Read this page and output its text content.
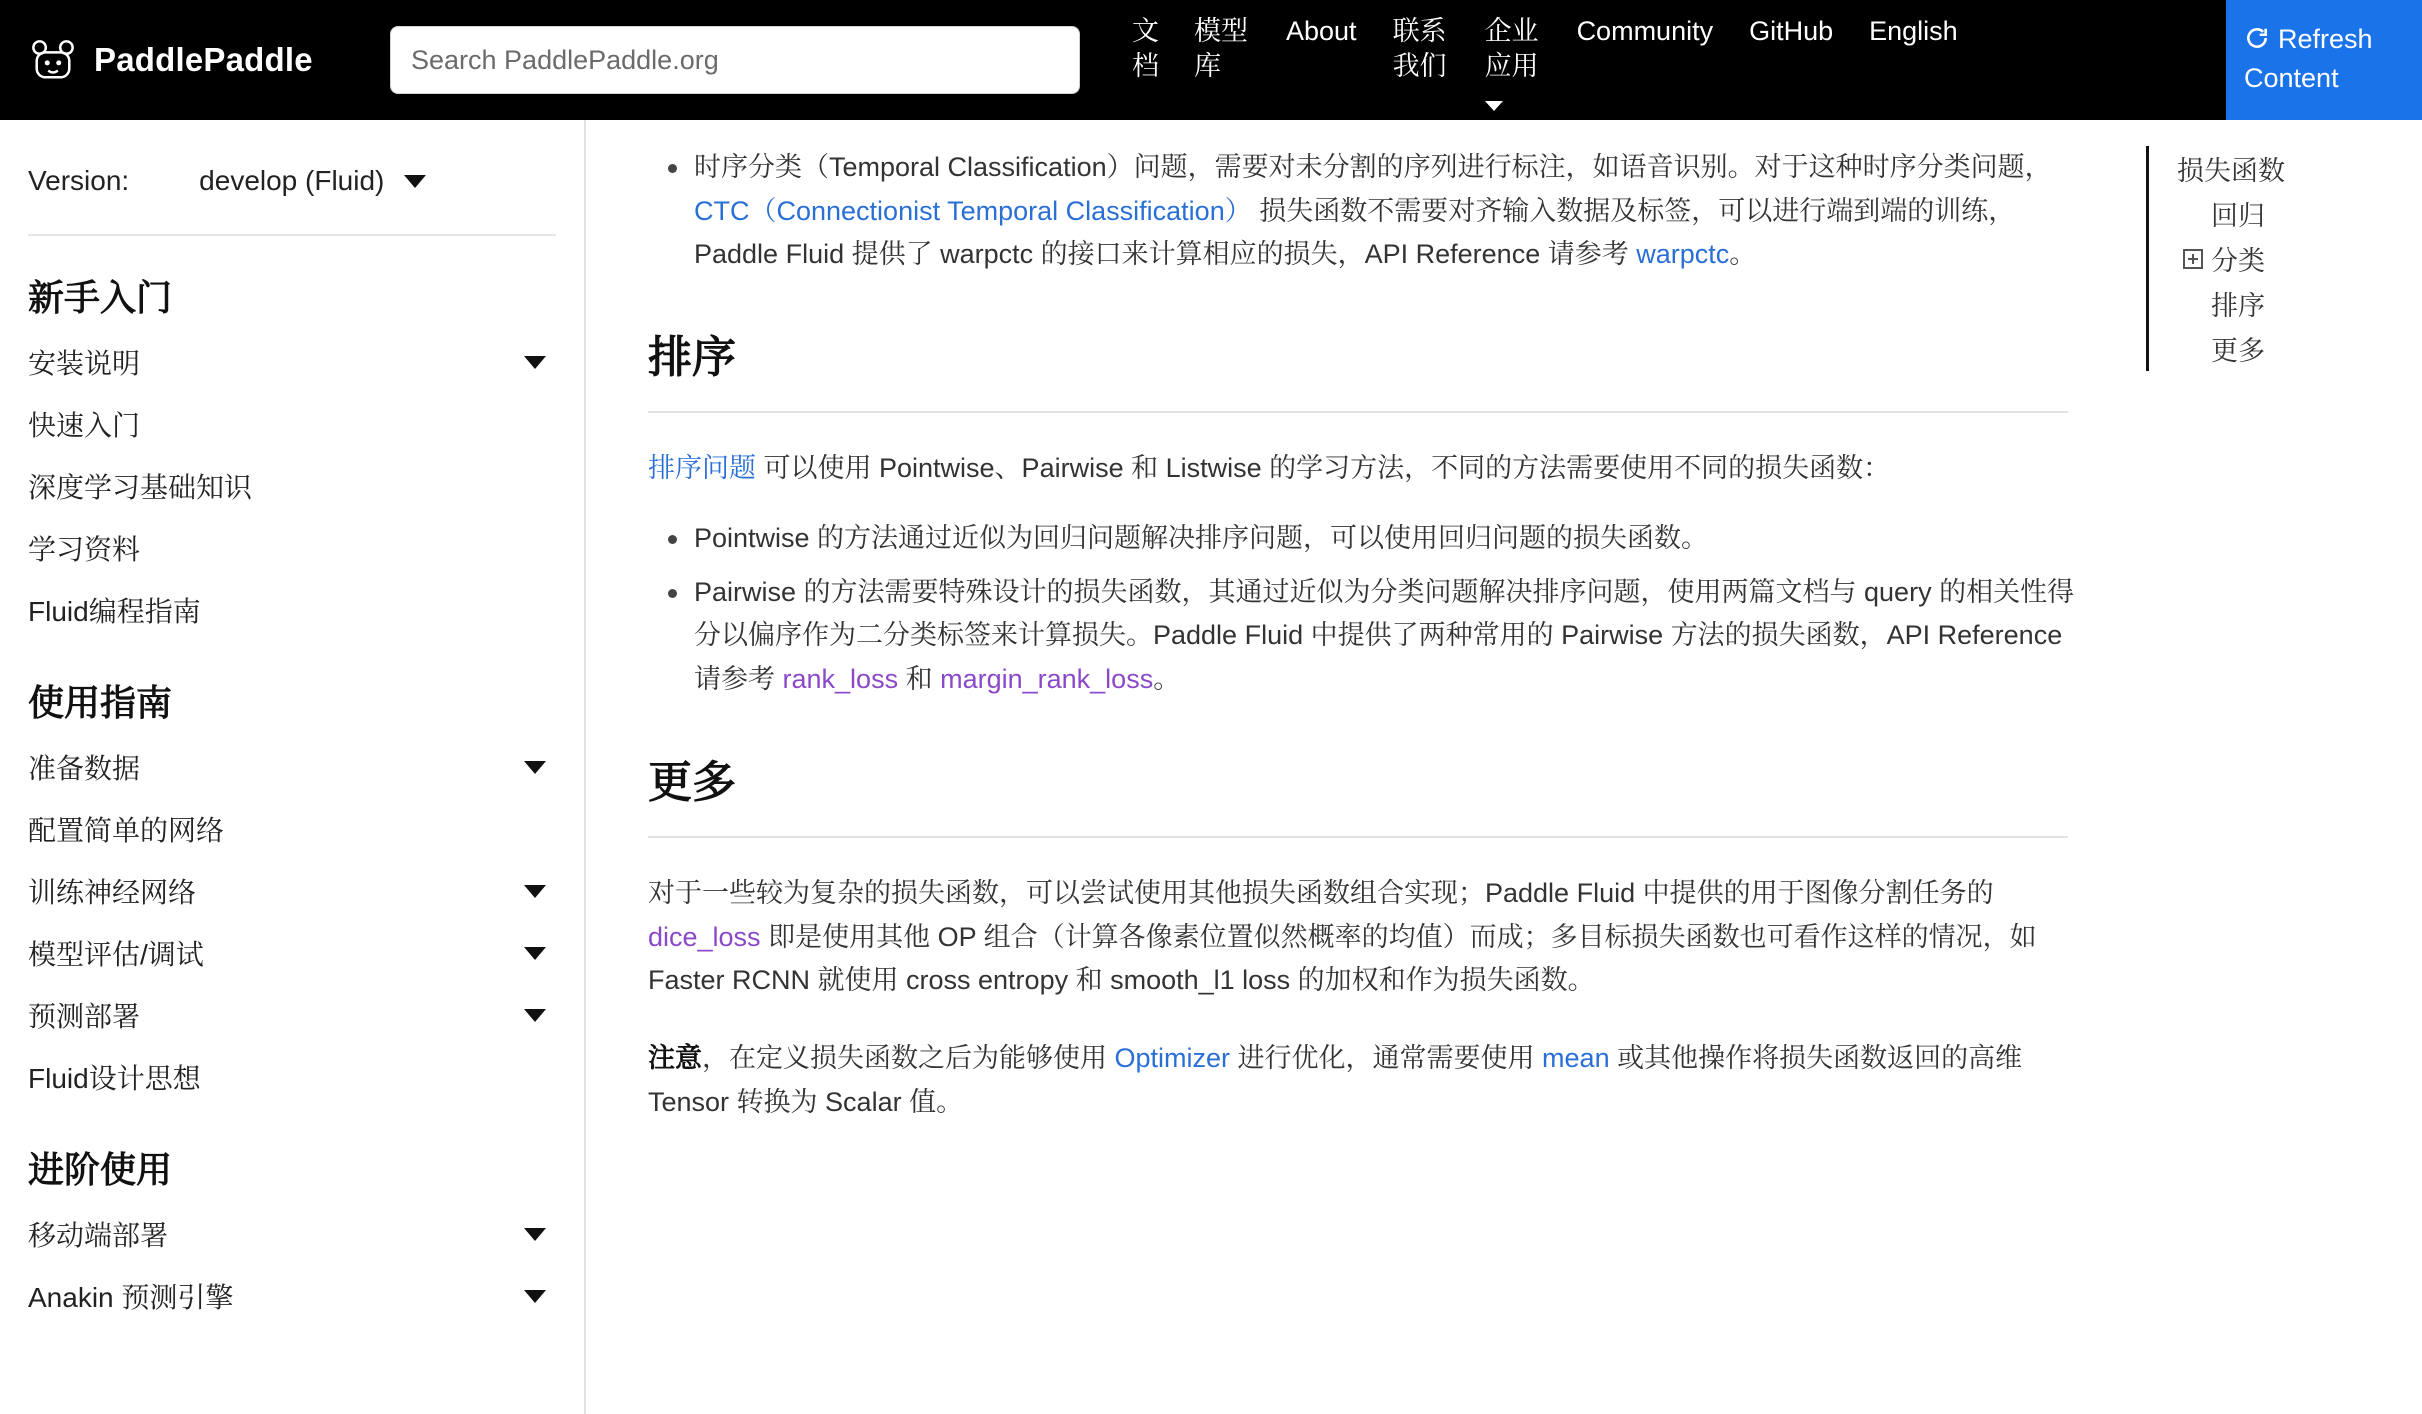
PaddlePaddle
Search PaddlePaddle.org
文档
模型库
About	联系我们
企业应用
Community	GitHub	English	Refresh Content
Version:	develop (Fluid)
新手入门
安装说明
快速入门
深度学习基础知识
学习资料
Fluid编程指南
使用指南
准备数据
配置简单的网络
训练神经网络
模型评估/调试
预测部署
Fluid设计思想
进阶使用
移动端部署
Anakin 预测引擎
时序分类（Temporal Classification）问题，需要对未分割的序列进行标注，如语音识别。对于这种时序分类问题，CTC（Connectionist Temporal Classification） 损失函数不需要对齐输入数据及标签，可以进行端到端的训练，Paddle Fluid 提供了 warpctc 的接口来计算相应的损失，API Reference 请参考 warpctc。
排序

排序问题 可以使用 Pointwise、Pairwise 和 Listwise 的学习方法，不同的方法需要使用不同的损失函数：

Pointwise 的方法通过近似为回归问题解决排序问题，可以使用回归问题的损失函数。
Pairwise 的方法需要特殊设计的损失函数，其通过近似为分类问题解决排序问题，使用两篇文档与 query 的相关性得分以偏序作为二分类标签来计算损失。Paddle Fluid 中提供了两种常用的 Pairwise 方法的损失函数，API Reference 请参考 rank_loss 和 margin_rank_loss。
更多

对于一些较为复杂的损失函数，可以尝试使用其他损失函数组合实现；Paddle Fluid 中提供的用于图像分割任务的 dice_loss 即是使用其他 OP 组合（计算各像素位置似然概率的均值）而成；多目标损失函数也可看作这样的情况，如 Faster RCNN 就使用 cross entropy 和 smooth_l1 loss 的加权和作为损失函数。

注意，在定义损失函数之后为能够使用 Optimizer 进行优化，通常需要使用 mean 或其他操作将损失函数返回的高维 Tensor 转换为 Scalar 值。

损失函数
回归
分类
排序
更多
